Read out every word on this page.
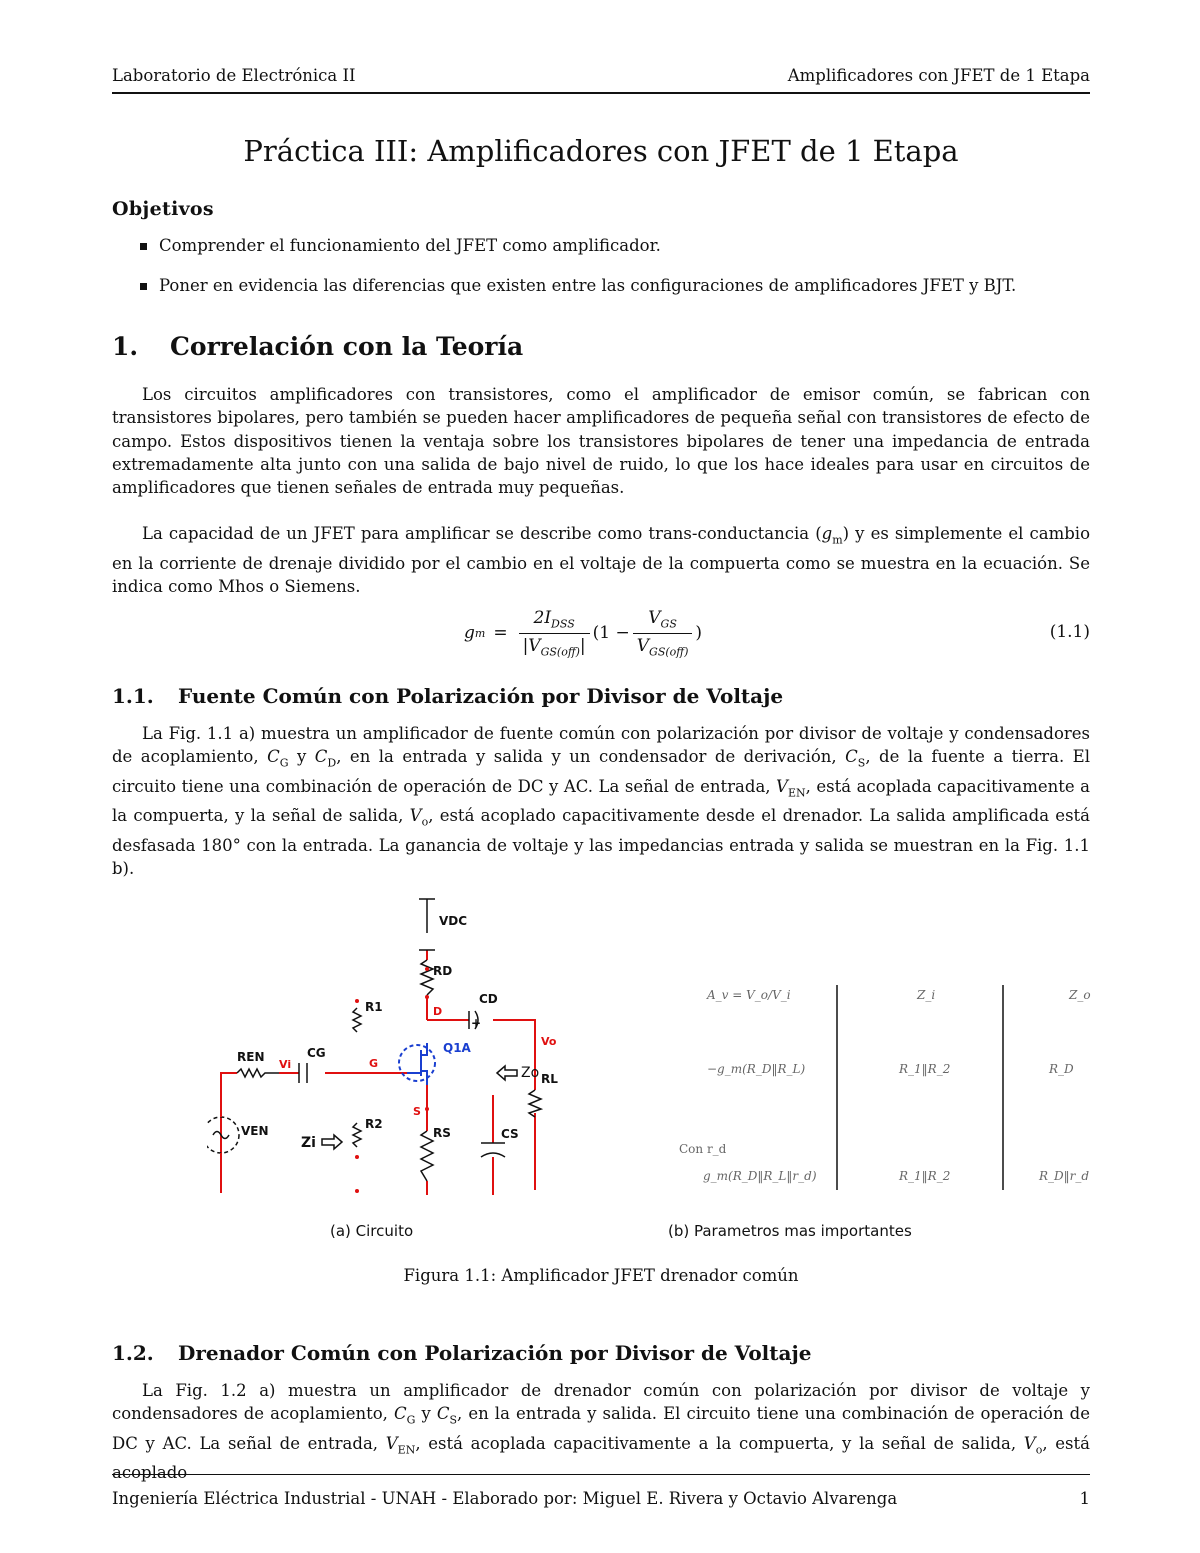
Laboratorio de Electrónica II	Amplificadores con JFET de 1 Etapa
Práctica III: Amplificadores con JFET de 1 Etapa
Objetivos
Comprender el funcionamiento del JFET como amplificador.
Poner en evidencia las diferencias que existen entre las configuraciones de amplificadores JFET y BJT.
1.	Correlación con la Teoría

Los circuitos amplificadores con transistores, como el amplificador de emisor común, se fabrican con transistores bipolares, pero también se pueden hacer amplificadores de pequeña señal con transistores de efecto de campo. Estos dispositivos tienen la ventaja sobre los transistores bipolares de tener una impedancia de entrada extremadamente alta junto con una salida de bajo nivel de ruido, lo que los hace ideales para usar en circuitos de amplificadores que tienen señales de entrada muy pequeñas.

La capacidad de un JFET para amplificar se describe como trans-conductancia $(g_m)$ y es simplemente el cambio en la corriente de drenaje dividido por el cambio en el voltaje de la compuerta como se muestra en la ecuación. Se indica como Mhos o Siemens.

g $m = \frac{2I_{DSS}}{|V_{GS(off)}|} (1 - \frac{V_{GS}}{V_{GS(off)}}$ )	(1.1)
1.1.	Fuente Común con Polarización por Divisor de Voltaje

La Fig. 1.1 a) muestra un amplificador de fuente común con polarización por divisor de voltaje y condensadores de acoplamiento, $C_G$ y $C_D$, en la entrada y salida y un condensador de derivación, $C_S$, de la fuente a tierra. El circuito tiene una combinación de operación de DC y AC. La señal de entrada, $V_{EN}$, está acoplada capacitivamente a la compuerta, y la señal de salida, $V_o$, está acoplado capacitivamente desde el drenador. La salida amplificada está desfasada 180° con la entrada. La ganancia de voltaje y las impedancias entrada y salida se muestran en la Fig. 1.1 b).

VDC
RD
D
CD
+
R1
Vo
Q1A
REN
Vi
CG
G
Zo RL
S
VEN
Zi
R2
RS	CS
A_v = V_o/V_i	Z_i	Z_o
−g_m(R_D‖R_L)	R_1‖R_2	R_D
Con r_d
g_m(R_D‖R_L‖r_d)	R_1‖R_2	R_D‖r_d
(a) Circuito	(b) Parametros mas importantes
Figura 1.1: Amplificador JFET drenador común
1.2.	Drenador Común con Polarización por Divisor de Voltaje

La Fig. 1.2 a) muestra un amplificador de drenador común con polarización por divisor de voltaje y condensadores de acoplamiento, $C_G$ y $C_S$, en la entrada y salida. El circuito tiene una combinación de operación de DC y AC. La señal de entrada, $V_{EN}$, está acoplada capacitivamente a la compuerta, y la señal de salida, $V_o$, está acoplado

Ingeniería Eléctrica Industrial - UNAH - Elaborado por: Miguel E. Rivera y Octavio Alvarenga	1
